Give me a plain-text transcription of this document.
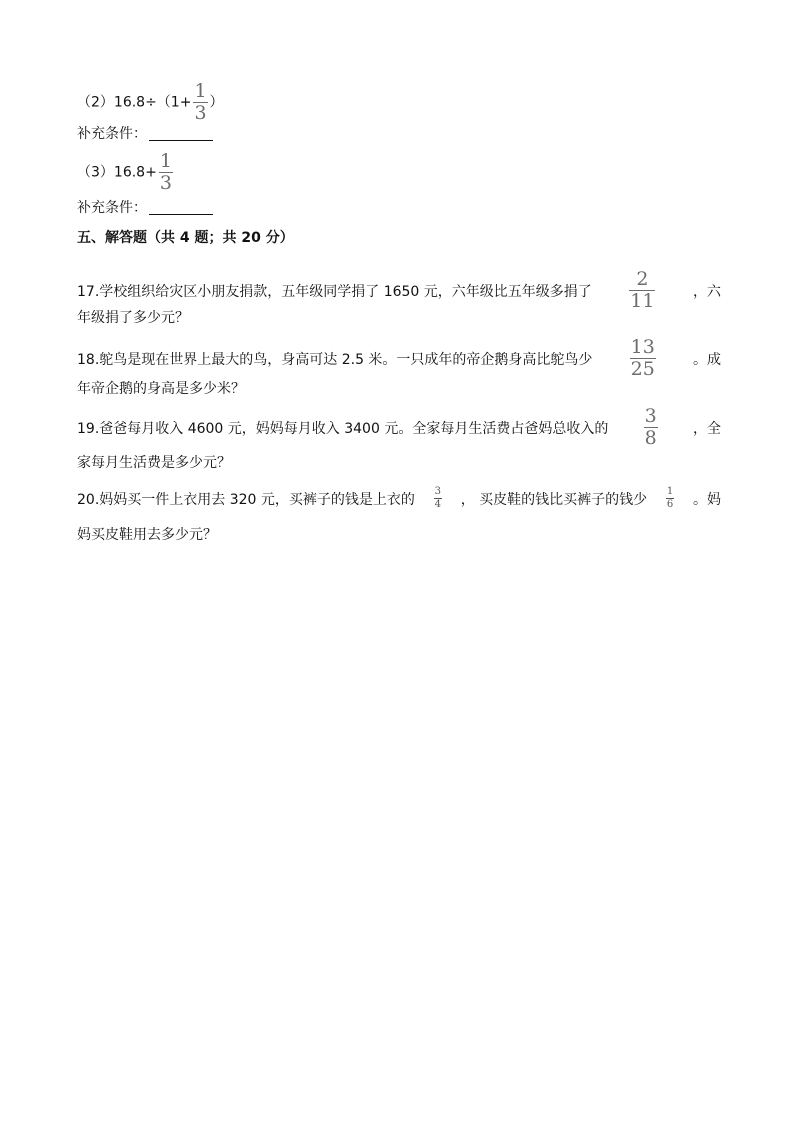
$(2)16.8\div(1+ \frac{1}{3}$ ）
补充条件：
$(3)16.8+ \frac{1}{3}$
补充条件：
五、解答题（共 4 题；共 20 分）
17.学校组织给灾区小朋友捐款，五年级同学捐了 1650 元，六年级比五年级多捐了 $\frac{2}{11}$	，六
年级捐了多少元？
18.鸵鸟是现在世界上最大的鸟，身高可达 2.5 米。一只成年的帝企鹅身高比鸵鸟少 $\frac{13}{25}$	。成
年帝企鹅的身高是多少米？
19.爸爸每月收入 4600 元，妈妈每月收入 3400 元。全家每月生活费占爸妈总收入的 $\frac{3}{8}$	，全
家每月生活费是多少元？
20.妈妈买一件上衣用去 320 元，买裤子的钱是上衣的 $\frac{3}{4}$ ， 买皮鞋的钱比买裤子的钱少 $\frac{1}{6}$ 。妈
妈买皮鞋用去多少元？
